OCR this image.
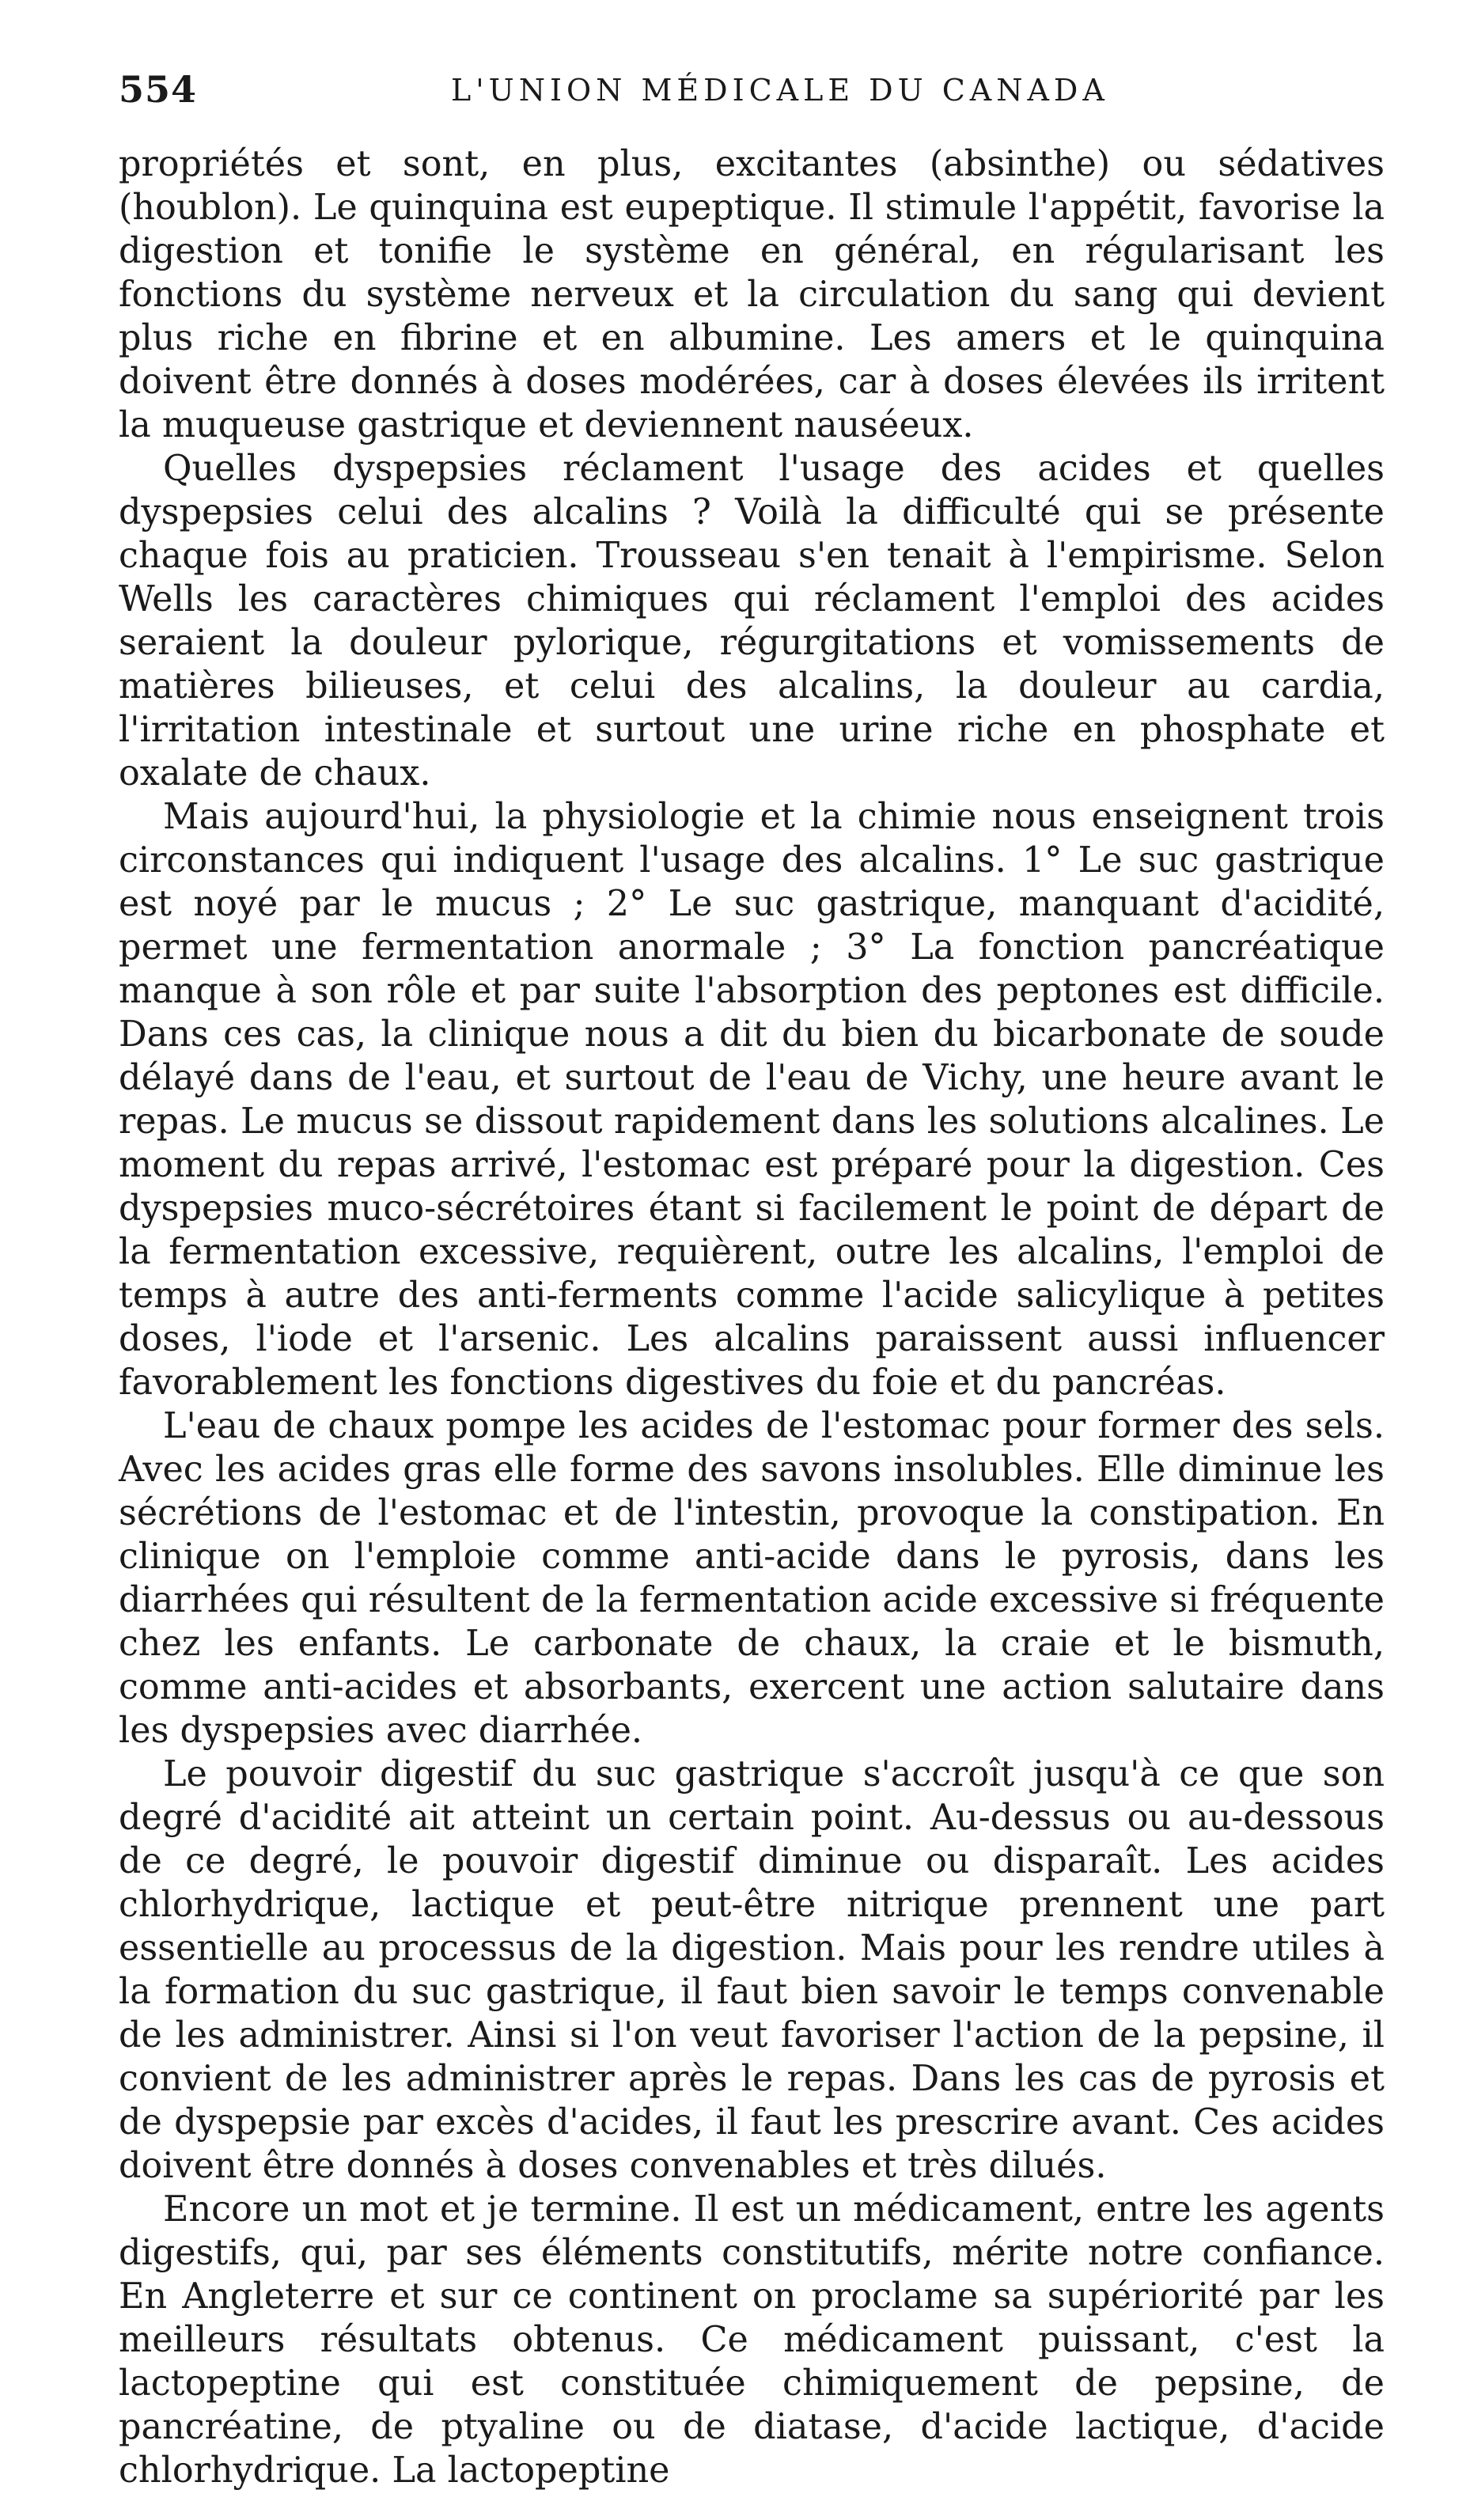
554	L'UNION MÉDICALE DU CANADA

propriétés et sont, en plus, excitantes (absinthe) ou sédatives (houblon). Le quinquina est eupeptique. Il stimule l'appétit, favorise la digestion et tonifie le système en général, en régularisant les fonctions du système nerveux et la circulation du sang qui devient plus riche en fibrine et en albumine. Les amers et le quinquina doivent être donnés à doses modérées, car à doses élevées ils irritent la muqueuse gastrique et deviennent nauséeux.

Quelles dyspepsies réclament l'usage des acides et quelles dyspepsies celui des alcalins ? Voilà la difficulté qui se présente chaque fois au praticien. Trousseau s'en tenait à l'empirisme. Selon Wells les caractères chimiques qui réclament l'emploi des acides seraient la douleur pylorique, régurgitations et vomissements de matières bilieuses, et celui des alcalins, la douleur au cardia, l'irritation intestinale et surtout une urine riche en phosphate et oxalate de chaux.

Mais aujourd'hui, la physiologie et la chimie nous enseignent trois circonstances qui indiquent l'usage des alcalins. 1° Le suc gastrique est noyé par le mucus ; 2° Le suc gastrique, manquant d'acidité, permet une fermentation anormale ; 3° La fonction pancréatique manque à son rôle et par suite l'absorption des peptones est difficile. Dans ces cas, la clinique nous a dit du bien du bicarbonate de soude délayé dans de l'eau, et surtout de l'eau de Vichy, une heure avant le repas. Le mucus se dissout rapidement dans les solutions alcalines. Le moment du repas arrivé, l'estomac est préparé pour la digestion. Ces dyspepsies muco-sécrétoires étant si facilement le point de départ de la fermentation excessive, requièrent, outre les alcalins, l'emploi de temps à autre des anti-ferments comme l'acide salicylique à petites doses, l'iode et l'arsenic. Les alcalins paraissent aussi influencer favorablement les fonctions digestives du foie et du pancréas.

L'eau de chaux pompe les acides de l'estomac pour former des sels. Avec les acides gras elle forme des savons insolubles. Elle diminue les sécrétions de l'estomac et de l'intestin, provoque la constipation. En clinique on l'emploie comme anti-acide dans le pyrosis, dans les diarrhées qui résultent de la fermentation acide excessive si fréquente chez les enfants. Le carbonate de chaux, la craie et le bismuth, comme anti-acides et absorbants, exercent une action salutaire dans les dyspepsies avec diarrhée.

Le pouvoir digestif du suc gastrique s'accroît jusqu'à ce que son degré d'acidité ait atteint un certain point. Au-dessus ou au-dessous de ce degré, le pouvoir digestif diminue ou disparaît. Les acides chlorhydrique, lactique et peut-être nitrique prennent une part essentielle au processus de la digestion. Mais pour les rendre utiles à la formation du suc gastrique, il faut bien savoir le temps convenable de les administrer. Ainsi si l'on veut favoriser l'action de la pepsine, il convient de les administrer après le repas. Dans les cas de pyrosis et de dyspepsie par excès d'acides, il faut les prescrire avant. Ces acides doivent être donnés à doses convenables et très dilués.

Encore un mot et je termine. Il est un médicament, entre les agents digestifs, qui, par ses éléments constitutifs, mérite notre confiance. En Angleterre et sur ce continent on proclame sa supériorité par les meilleurs résultats obtenus. Ce médicament puissant, c'est la lactopeptine qui est constituée chimiquement de pepsine, de pancréatine, de ptyaline ou de diatase, d'acide lactique, d'acide chlorhydrique. La lactopeptine
